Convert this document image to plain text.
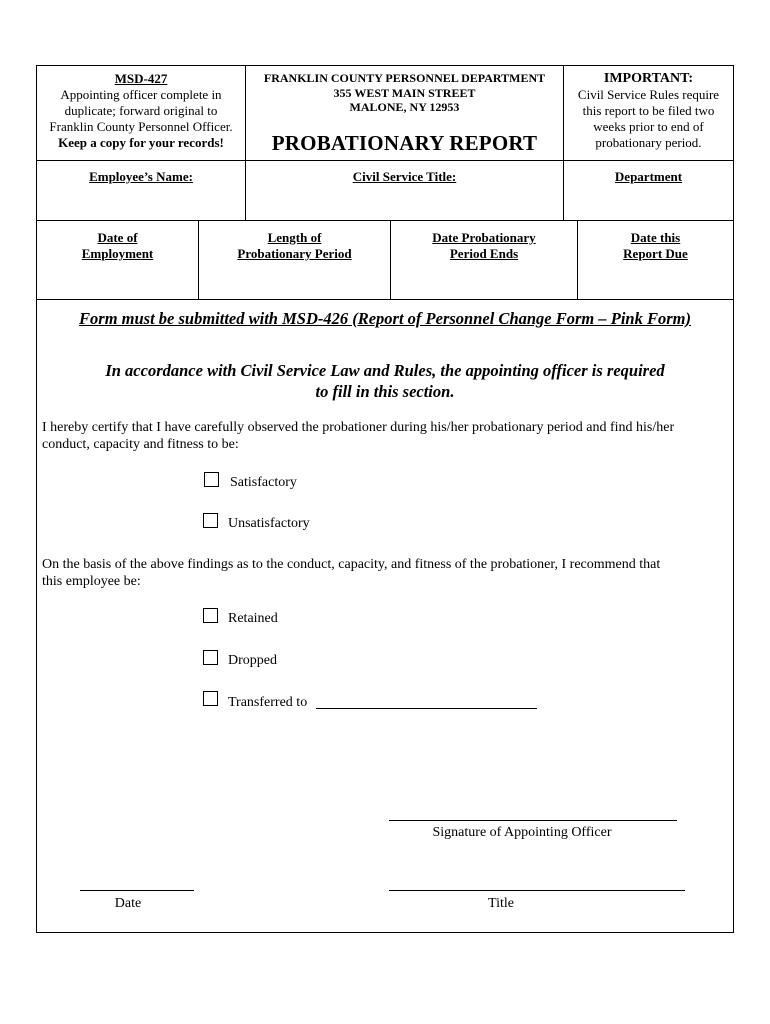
MSD-427
Appointing officer complete in
duplicate; forward original to
Franklin County Personnel Officer.
Keep a copy for your records!
FRANKLIN COUNTY PERSONNEL DEPARTMENT
355 WEST MAIN STREET
MALONE, NY 12953
PROBATIONARY REPORT
IMPORTANT:
Civil Service Rules require
this report to be filed two
weeks prior to end of
probationary period.
Employee’s Name:	Civil Service Title:	Department
Date of
Employment
Length of
Probationary Period
Date Probationary
Period Ends
Date this
Report Due
Form must be submitted with MSD-426 (Report of Personnel Change Form – Pink Form)
In accordance with Civil Service Law and Rules, the appointing officer is required
to fill in this section.
I hereby certify that I have carefully observed the probationer during his/her probationary period and find his/her
conduct, capacity and fitness to be:
Satisfactory
Unsatisfactory
On the basis of the above findings as to the conduct, capacity, and fitness of the probationer, I recommend that
this employee be:
Retained
Dropped
Transferred to
Signature of Appointing Officer
Date	Title
